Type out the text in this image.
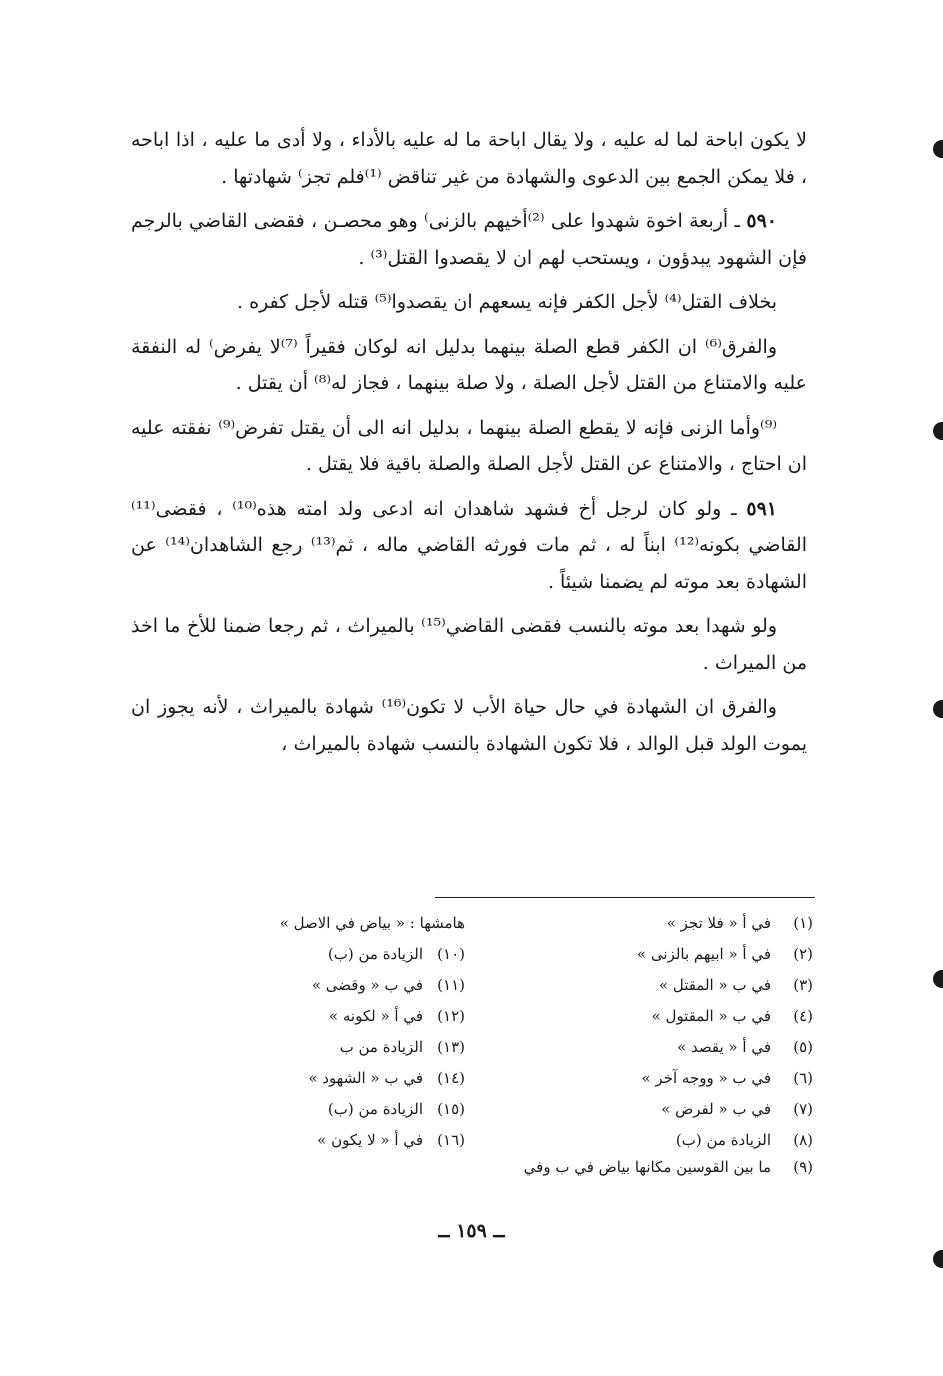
لا يكون اباحة لما له عليه ، ولا يقال اباحة ما له عليه بالأداء ، ولا أدى ما عليه ، اذا اباحه ، فلا يمكن الجمع بين الدعوى والشهادة من غير تناقض ⁽¹⁾فلم تجز⁾ شهادتها .

٥٩٠ ـ أربعة اخوة شهدوا على ⁽²⁾أخيهم بالزنى⁾ وهو محصـن ، فقضى القاضي بالرجم فإن الشهود يبدؤون ، ويستحب لهم ان لا يقصدوا القتل⁽³⁾ .

بخلاف القتل⁽⁴⁾ لأجل الكفر فإنه يسعهم ان يقصدوا⁽⁵⁾ قتله لأجل كفره .

والفرق⁽⁶⁾ ان الكفر قطع الصلة بينهما بدليل انه لوكان فقيراً ⁽⁷⁾لا يفرض⁾ له النفقة عليه والامتناع من القتل لأجل الصلة ، ولا صلة بينهما ، فجاز له⁽⁸⁾ أن يقتل .

⁽⁹⁾وأما الزنى فإنه لا يقطع الصلة بينهما ، بدليل انه الى أن يقتل تفرض⁽⁹⁾ نفقته عليه ان احتاج ، والامتناع عن القتل لأجل الصلة والصلة باقية فلا يقتل .

٥٩١ ـ ولو كان لرجل أخ فشهد شاهدان انه ادعى ولد امته هذه⁽¹⁰⁾ ، فقضى⁽¹¹⁾ القاضي بكونه⁽¹²⁾ ابناً له ، ثم مات فورثه القاضي ماله ، ثم⁽¹³⁾ رجع الشاهدان⁽¹⁴⁾ عن الشهادة بعد موته لم يضمنا شيئاً .

ولو شهدا بعد موته بالنسب فقضى القاضي⁽¹⁵⁾ بالميراث ، ثم رجعا ضمنا للأخ ما اخذ من الميراث .

والفرق ان الشهادة في حال حياة الأب لا تكون⁽¹⁶⁾ شهادة بالميراث ، لأنه يجوز ان يموت الولد قبل الوالد ، فلا تكون الشهادة بالنسب شهادة بالميراث ،

(١)في أ « فلا تجز »
(٢)في أ « ابيهم بالزنى »
(٣)في ب « المقتل »
(٤)في ب « المقتول »
(٥)في أ « يقصد »
(٦)في ب « ووجه آخر »
(٧)في ب « لفرض »
(٨)الزيادة من (ب)
هامشها : « بياض في الاصل »
(١٠)الزيادة من (ب)
(١١)في ب « وقضى »
(١٢)في أ « لكونه »
(١٣)الزيادة من ب
(١٤)في ب « الشهود »
(١٥)الزيادة من (ب)
(١٦)في أ « لا يكون »
(٩)ما بين القوسين مكانها بياض في ب وفي
ــ ١٥٩ ــ
